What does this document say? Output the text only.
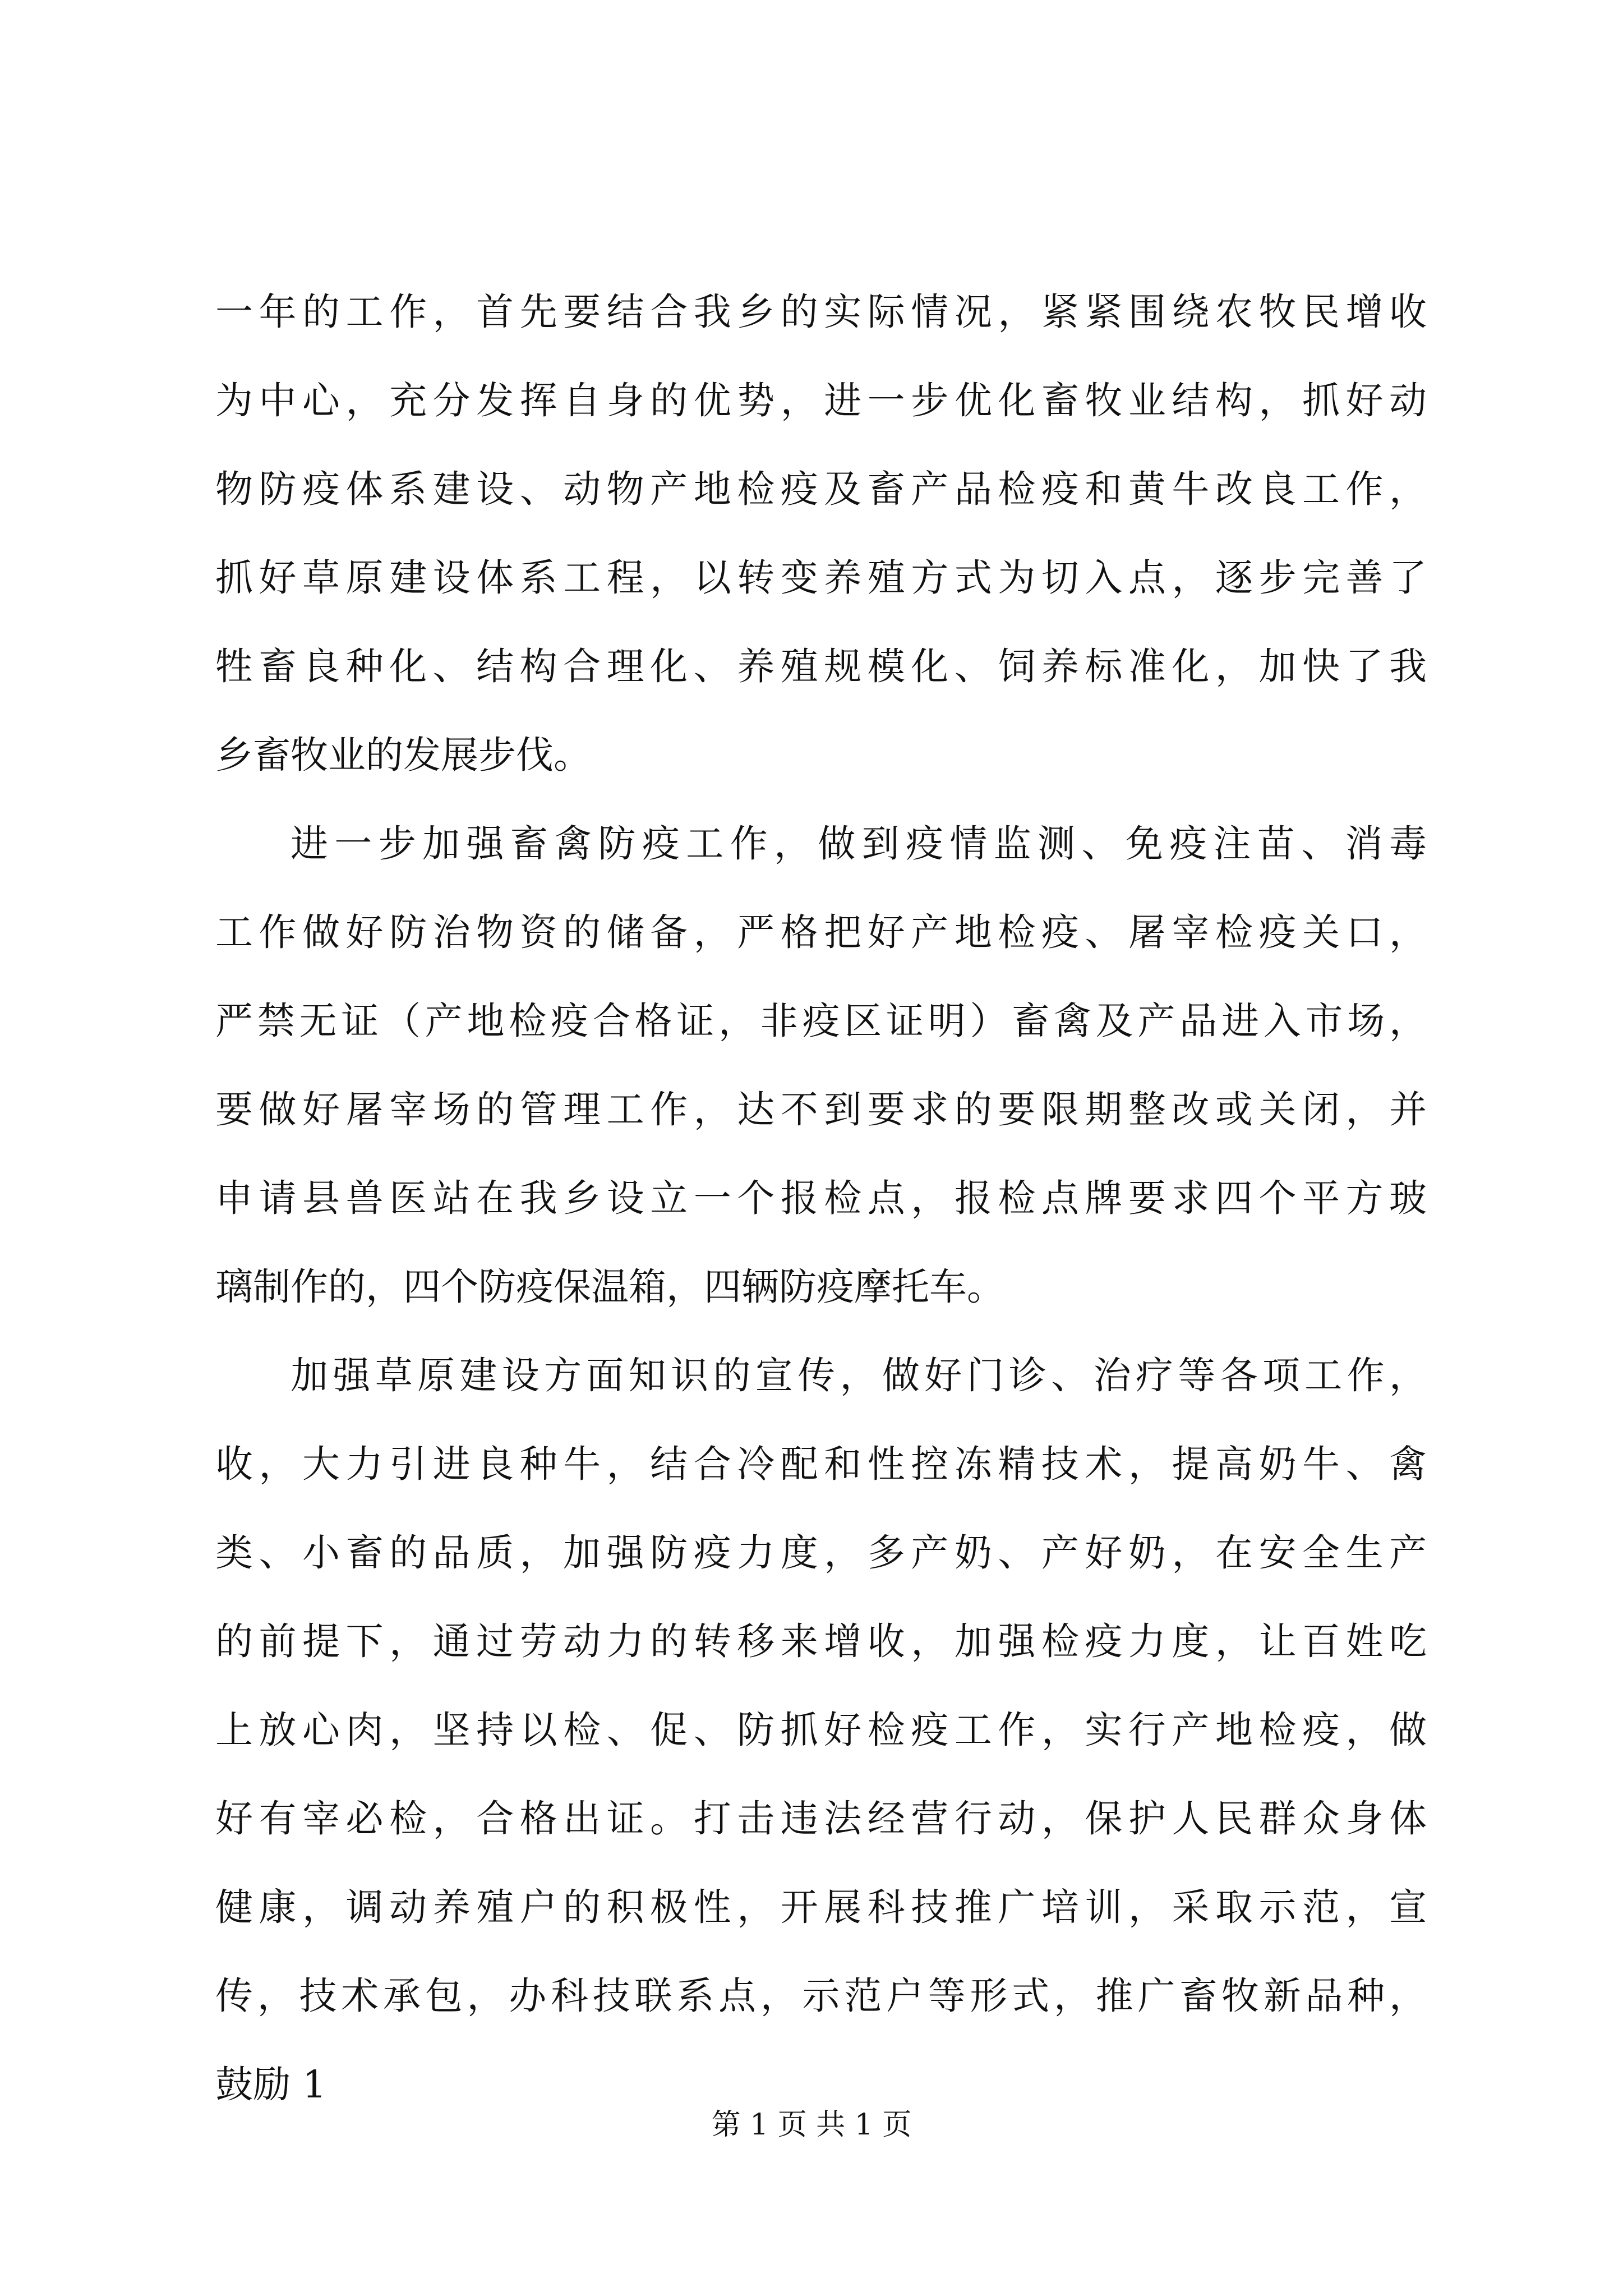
一年的工作，首先要结合我乡的实际情况，紧紧围绕农牧民增收
为中心，充分发挥自身的优势，进一步优化畜牧业结构，抓好动
物防疫体系建设、动物产地检疫及畜产品检疫和黄牛改良工作，
抓好草原建设体系工程，以转变养殖方式为切入点，逐步完善了
牲畜良种化、结构合理化、养殖规模化、饲养标准化，加快了我
乡畜牧业的发展步伐。
进一步加强畜禽防疫工作，做到疫情监测、免疫注苗、消毒
工作做好防治物资的储备，严格把好产地检疫、屠宰检疫关口，
严禁无证（产地检疫合格证，非疫区证明）畜禽及产品进入市场，
要做好屠宰场的管理工作，达不到要求的要限期整改或关闭，并
申请县兽医站在我乡设立一个报检点，报检点牌要求四个平方玻
璃制作的，四个防疫保温箱，四辆防疫摩托车。
加强草原建设方面知识的宣传，做好门诊、治疗等各项工作，
收，大力引进良种牛，结合冷配和性控冻精技术，提高奶牛、禽
类、小畜的品质，加强防疫力度，多产奶、产好奶，在安全生产
的前提下，通过劳动力的转移来增收，加强检疫力度，让百姓吃
上放心肉，坚持以检、促、防抓好检疫工作，实行产地检疫，做
好有宰必检，合格出证。打击违法经营行动，保护人民群众身体
健康，调动养殖户的积极性，开展科技推广培训，采取示范，宣
传，技术承包，办科技联系点，示范户等形式，推广畜牧新品种，
鼓励 1
第 1 页 共 1 页
